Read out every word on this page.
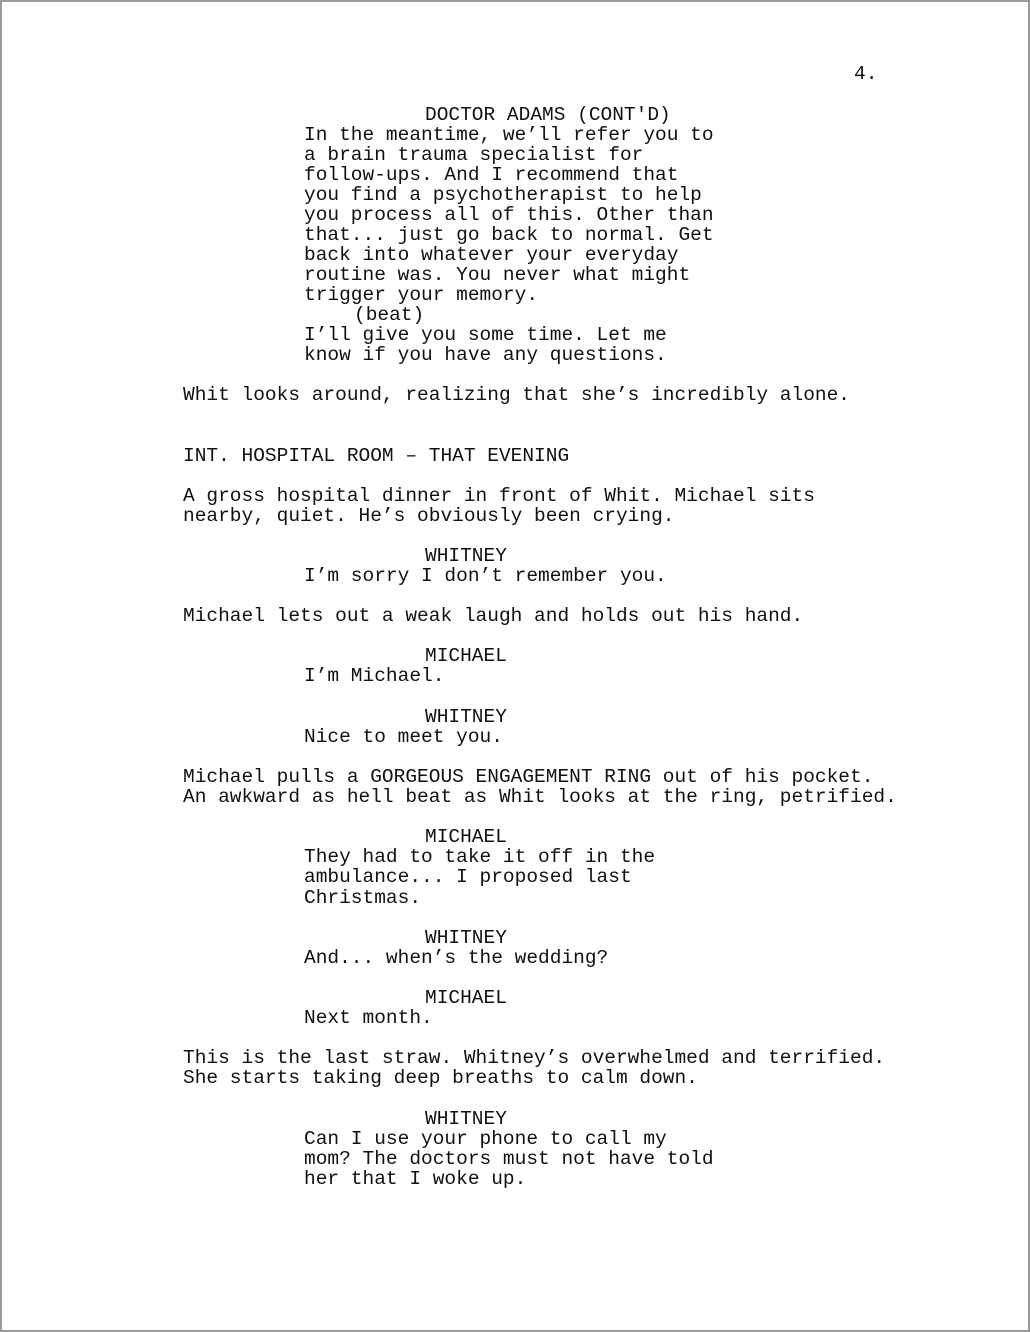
4.
DOCTOR ADAMS (CONT'D)
In the meantime, we’ll refer you to
a brain trauma specialist for
follow-ups. And I recommend that
you find a psychotherapist to help
you process all of this. Other than
that... just go back to normal. Get
back into whatever your everyday
routine was. You never what might
trigger your memory.
(beat)
I’ll give you some time. Let me
know if you have any questions.
Whit looks around, realizing that she’s incredibly alone.
INT. HOSPITAL ROOM – THAT EVENING
A gross hospital dinner in front of Whit. Michael sits
nearby, quiet. He’s obviously been crying.
WHITNEY
I’m sorry I don’t remember you.
Michael lets out a weak laugh and holds out his hand.
MICHAEL
I’m Michael.
WHITNEY
Nice to meet you.
Michael pulls a GORGEOUS ENGAGEMENT RING out of his pocket.
An awkward as hell beat as Whit looks at the ring, petrified.
MICHAEL
They had to take it off in the
ambulance... I proposed last
Christmas.
WHITNEY
And... when’s the wedding?
MICHAEL
Next month.
This is the last straw. Whitney’s overwhelmed and terrified.
She starts taking deep breaths to calm down.
WHITNEY
Can I use your phone to call my
mom? The doctors must not have told
her that I woke up.
